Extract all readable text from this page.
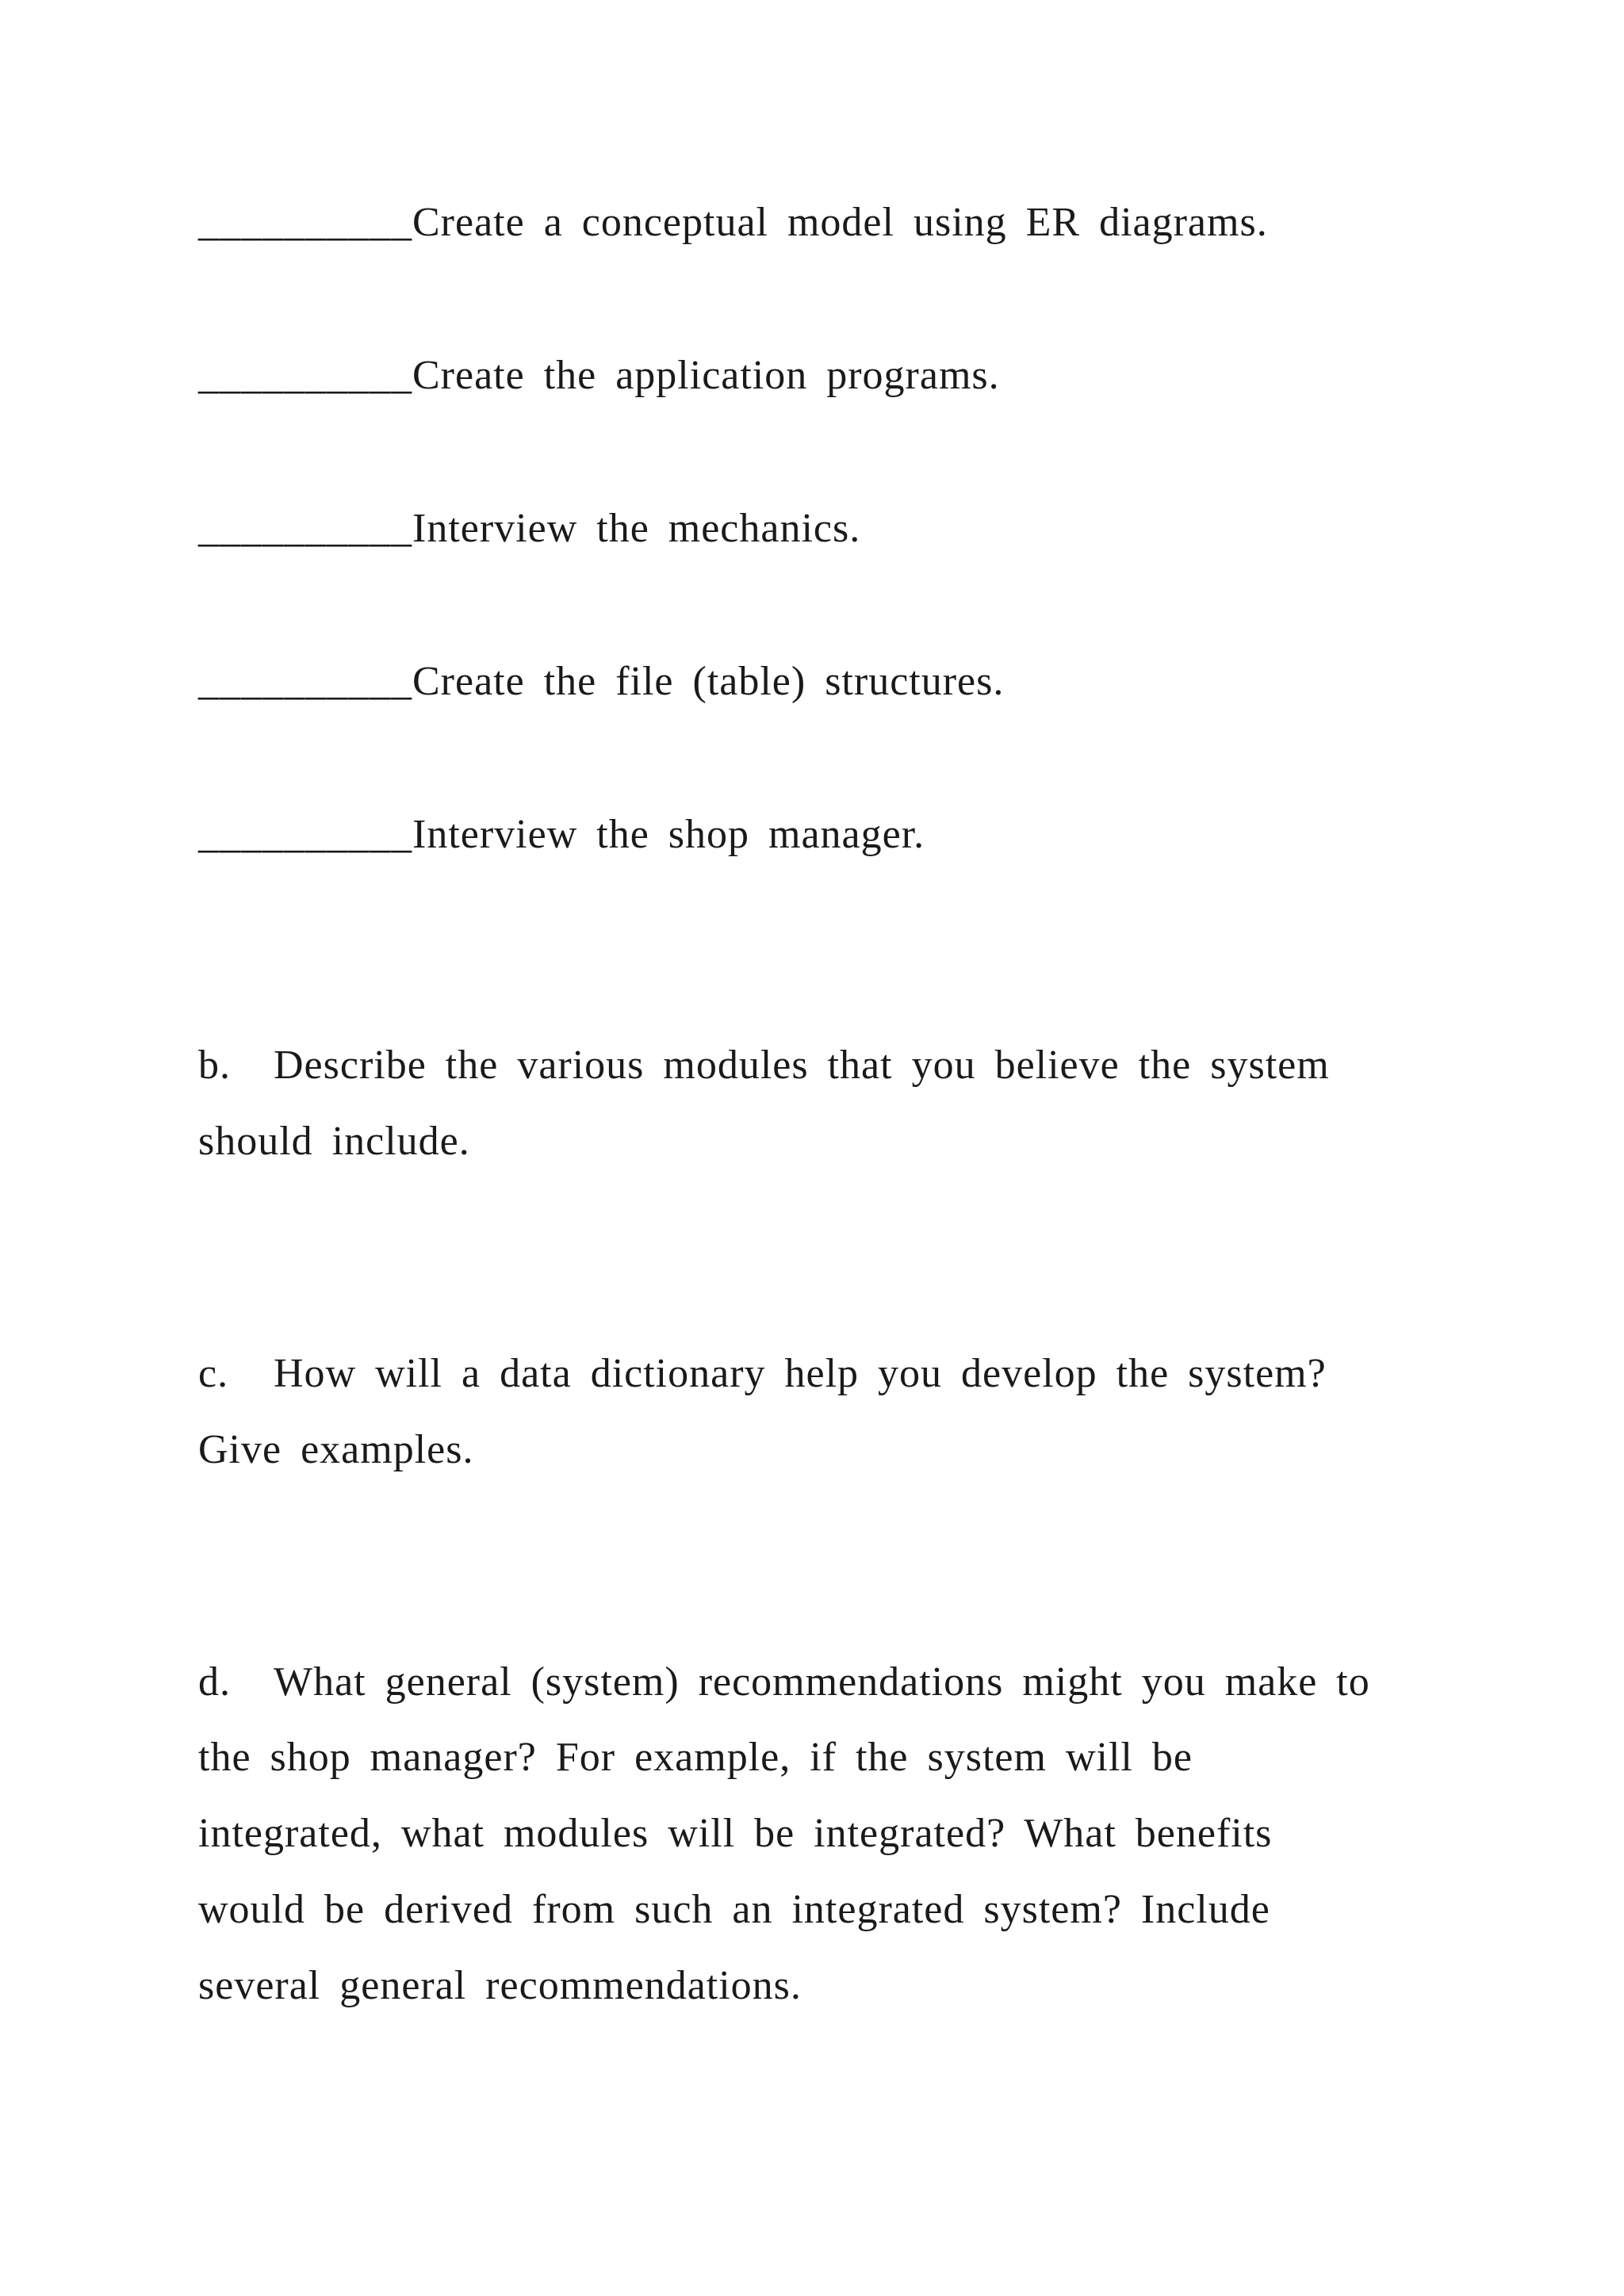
__________Create a conceptual model using ER diagrams.
__________Create the application programs.
__________Interview the mechanics.
__________Create the file (table) structures.
__________Interview the shop manager.
b. Describe the various modules that you believe the system
should include.
c. How will a data dictionary help you develop the system?
Give examples.
d. What general (system) recommendations might you make to
the shop manager? For example, if the system will be
integrated, what modules will be integrated? What benefits
would be derived from such an integrated system? Include
several general recommendations.
